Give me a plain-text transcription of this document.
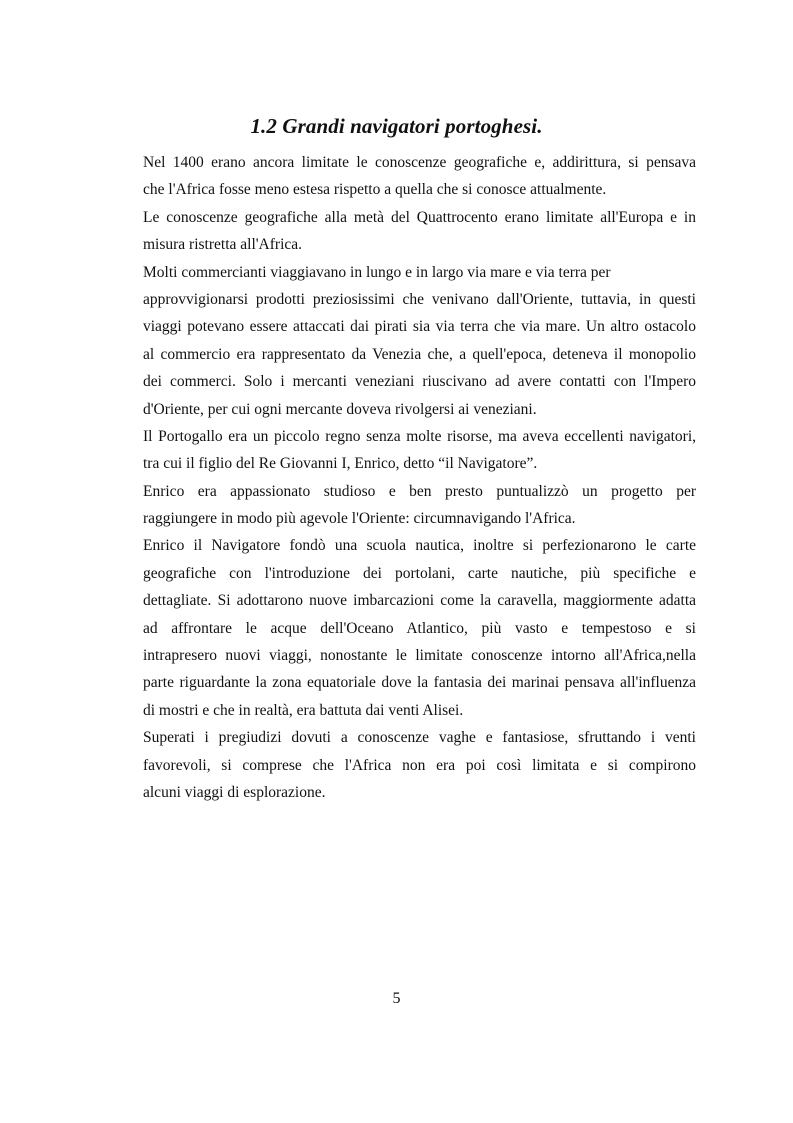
1.2 Grandi navigatori portoghesi.
Nel 1400 erano ancora limitate le conoscenze geografiche e, addirittura, si pensava
che l'Africa fosse meno estesa rispetto a quella che si conosce attualmente.
Le conoscenze geografiche alla metà del Quattrocento erano limitate all'Europa e in
misura ristretta all'Africa.
Molti commercianti viaggiavano in lungo e in largo via mare e via terra per
approvvigionarsi prodotti preziosissimi che venivano dall'Oriente, tuttavia, in questi
viaggi potevano essere attaccati dai pirati sia via terra che via mare. Un altro ostacolo
al commercio era rappresentato da Venezia che, a quell'epoca, deteneva il monopolio
dei commerci. Solo i mercanti veneziani riuscivano ad avere contatti con l'Impero
d'Oriente, per cui ogni mercante doveva rivolgersi ai veneziani.
Il Portogallo era un piccolo regno senza molte risorse, ma aveva eccellenti navigatori,
tra cui il figlio del Re Giovanni I, Enrico, detto “il Navigatore”.
Enrico era appassionato studioso e ben presto puntualizzò un progetto per
raggiungere in modo più agevole l'Oriente: circumnavigando l'Africa.
Enrico il Navigatore fondò una scuola nautica, inoltre si perfezionarono le carte
geografiche con l'introduzione dei portolani, carte nautiche, più specifiche e
dettagliate. Si adottarono nuove imbarcazioni come la caravella, maggiormente adatta
ad affrontare le acque dell'Oceano Atlantico, più vasto e tempestoso e si
intrapresero nuovi viaggi, nonostante le limitate conoscenze intorno all'Africa,nella
parte riguardante la zona equatoriale dove la fantasia dei marinai pensava all'influenza
di mostri e che in realtà, era battuta dai venti Alisei.
Superati i pregiudizi dovuti a conoscenze vaghe e fantasiose, sfruttando i venti
favorevoli, si comprese che l'Africa non era poi così limitata e si compirono
alcuni viaggi di esplorazione.
5
